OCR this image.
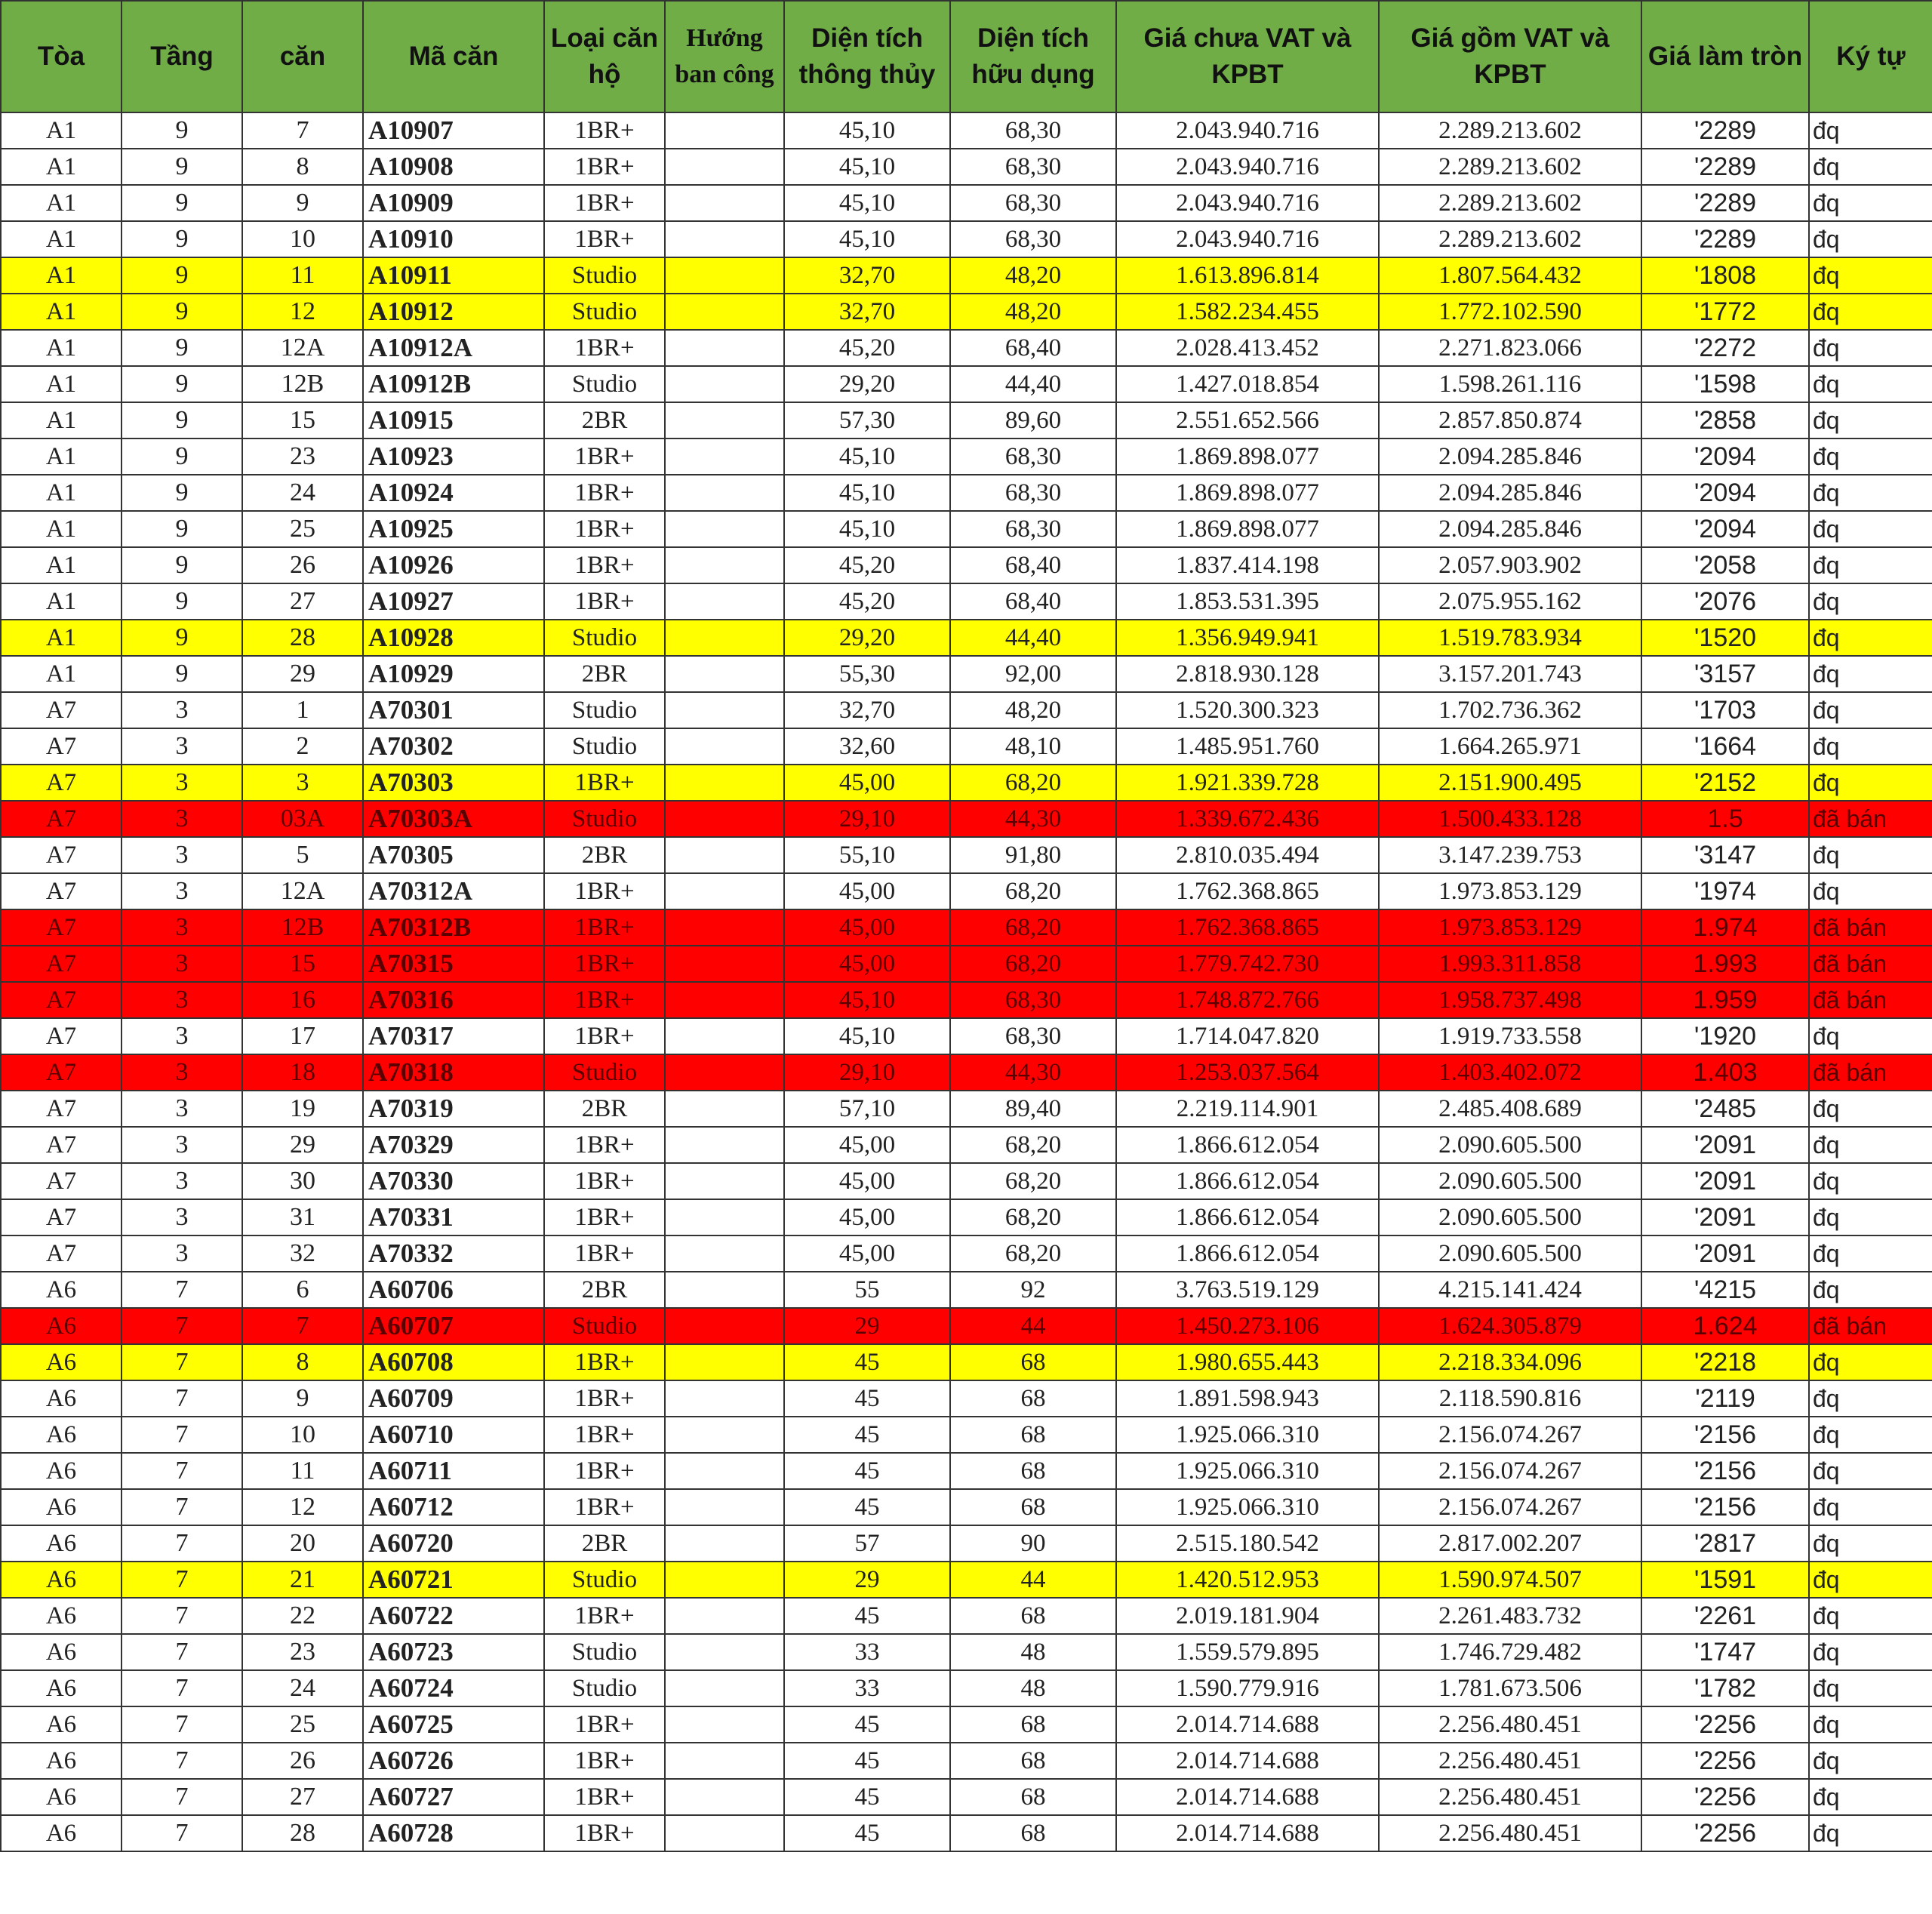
Tòa	Tầng	căn	Mã căn	Loại căn hộ	Hướng ban công	Diện tích thông thủy	Diện tích hữu dụng	Giá chưa VAT và KPBT	Giá gồm VAT và KPBT	Giá làm tròn	Ký tự
A1	9	7	A10907	1BR+		45,10	68,30	2.043.940.716	2.289.213.602	'2289	đq
A1	9	8	A10908	1BR+		45,10	68,30	2.043.940.716	2.289.213.602	'2289	đq
A1	9	9	A10909	1BR+		45,10	68,30	2.043.940.716	2.289.213.602	'2289	đq
A1	9	10	A10910	1BR+		45,10	68,30	2.043.940.716	2.289.213.602	'2289	đq
A1	9	11	A10911	Studio		32,70	48,20	1.613.896.814	1.807.564.432	'1808	đq
A1	9	12	A10912	Studio		32,70	48,20	1.582.234.455	1.772.102.590	'1772	đq
A1	9	12A	A10912A	1BR+		45,20	68,40	2.028.413.452	2.271.823.066	'2272	đq
A1	9	12B	A10912B	Studio		29,20	44,40	1.427.018.854	1.598.261.116	'1598	đq
A1	9	15	A10915	2BR		57,30	89,60	2.551.652.566	2.857.850.874	'2858	đq
A1	9	23	A10923	1BR+		45,10	68,30	1.869.898.077	2.094.285.846	'2094	đq
A1	9	24	A10924	1BR+		45,10	68,30	1.869.898.077	2.094.285.846	'2094	đq
A1	9	25	A10925	1BR+		45,10	68,30	1.869.898.077	2.094.285.846	'2094	đq
A1	9	26	A10926	1BR+		45,20	68,40	1.837.414.198	2.057.903.902	'2058	đq
A1	9	27	A10927	1BR+		45,20	68,40	1.853.531.395	2.075.955.162	'2076	đq
A1	9	28	A10928	Studio		29,20	44,40	1.356.949.941	1.519.783.934	'1520	đq
A1	9	29	A10929	2BR		55,30	92,00	2.818.930.128	3.157.201.743	'3157	đq
A7	3	1	A70301	Studio		32,70	48,20	1.520.300.323	1.702.736.362	'1703	đq
A7	3	2	A70302	Studio		32,60	48,10	1.485.951.760	1.664.265.971	'1664	đq
A7	3	3	A70303	1BR+		45,00	68,20	1.921.339.728	2.151.900.495	'2152	đq
A7	3	03A	A70303A	Studio		29,10	44,30	1.339.672.436	1.500.433.128	1.5	đã bán
A7	3	5	A70305	2BR		55,10	91,80	2.810.035.494	3.147.239.753	'3147	đq
A7	3	12A	A70312A	1BR+		45,00	68,20	1.762.368.865	1.973.853.129	'1974	đq
A7	3	12B	A70312B	1BR+		45,00	68,20	1.762.368.865	1.973.853.129	1.974	đã bán
A7	3	15	A70315	1BR+		45,00	68,20	1.779.742.730	1.993.311.858	1.993	đã bán
A7	3	16	A70316	1BR+		45,10	68,30	1.748.872.766	1.958.737.498	1.959	đã bán
A7	3	17	A70317	1BR+		45,10	68,30	1.714.047.820	1.919.733.558	'1920	đq
A7	3	18	A70318	Studio		29,10	44,30	1.253.037.564	1.403.402.072	1.403	đã bán
A7	3	19	A70319	2BR		57,10	89,40	2.219.114.901	2.485.408.689	'2485	đq
A7	3	29	A70329	1BR+		45,00	68,20	1.866.612.054	2.090.605.500	'2091	đq
A7	3	30	A70330	1BR+		45,00	68,20	1.866.612.054	2.090.605.500	'2091	đq
A7	3	31	A70331	1BR+		45,00	68,20	1.866.612.054	2.090.605.500	'2091	đq
A7	3	32	A70332	1BR+		45,00	68,20	1.866.612.054	2.090.605.500	'2091	đq
A6	7	6	A60706	2BR		55	92	3.763.519.129	4.215.141.424	'4215	đq
A6	7	7	A60707	Studio		29	44	1.450.273.106	1.624.305.879	1.624	đã bán
A6	7	8	A60708	1BR+		45	68	1.980.655.443	2.218.334.096	'2218	đq
A6	7	9	A60709	1BR+		45	68	1.891.598.943	2.118.590.816	'2119	đq
A6	7	10	A60710	1BR+		45	68	1.925.066.310	2.156.074.267	'2156	đq
A6	7	11	A60711	1BR+		45	68	1.925.066.310	2.156.074.267	'2156	đq
A6	7	12	A60712	1BR+		45	68	1.925.066.310	2.156.074.267	'2156	đq
A6	7	20	A60720	2BR		57	90	2.515.180.542	2.817.002.207	'2817	đq
A6	7	21	A60721	Studio		29	44	1.420.512.953	1.590.974.507	'1591	đq
A6	7	22	A60722	1BR+		45	68	2.019.181.904	2.261.483.732	'2261	đq
A6	7	23	A60723	Studio		33	48	1.559.579.895	1.746.729.482	'1747	đq
A6	7	24	A60724	Studio		33	48	1.590.779.916	1.781.673.506	'1782	đq
A6	7	25	A60725	1BR+		45	68	2.014.714.688	2.256.480.451	'2256	đq
A6	7	26	A60726	1BR+		45	68	2.014.714.688	2.256.480.451	'2256	đq
A6	7	27	A60727	1BR+		45	68	2.014.714.688	2.256.480.451	'2256	đq
A6	7	28	A60728	1BR+		45	68	2.014.714.688	2.256.480.451	'2256	đq
